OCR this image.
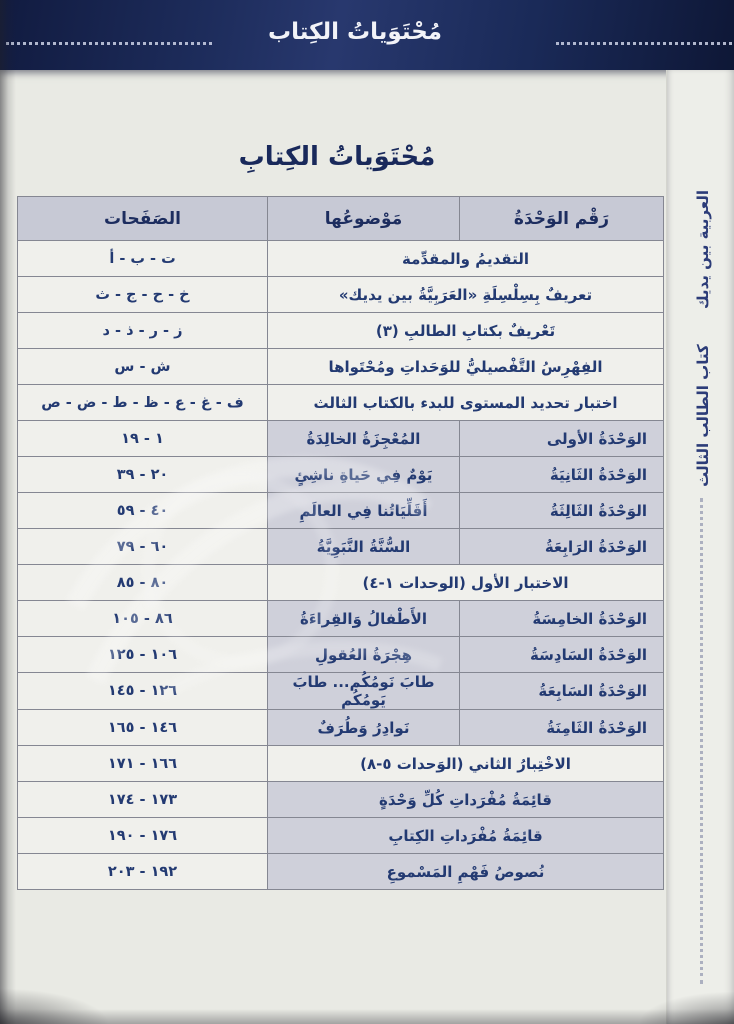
مُحْتَوَياتُ الكِتاب
مُحْتَوَياتُ الكِتابِ
العربية بين يديك كتاب الطالب الثالث
رَقْم الوَحْدَةُ	مَوْضوعُها	الصَفَحات
التقديمُ والمقدِّمة		أ - ب - ت
تعريفٌ بِسِلْسِلَةِ «العَرَبِيَّةُ بين يديك»		ث - ج - ح - خ
تَعْريفٌ بكتابِ الطالبِ (٣)		د - ذ - ر - ز
الفِهْرِسُ التَّفْصيليُّ للوَحَداتِ ومُحْتَواها		س - ش
اختبار تحديد المستوى للبدء بالكتاب الثالث		ص - ض - ط - ظ - ع - غ - ف
الوَحْدَةُ الأولى	المُعْجِزَةُ الخالِدَةُ	١ - ١٩
الوَحْدَةُ الثَانِيَةُ	يَوْمٌ فِي حَياةِ ناشِئٍ	٢٠ - ٣٩
الوَحْدَةُ الثَالِثَةُ	أَقَلِّيَاتُنا فِي العالَمِ	٤٠ - ٥٩
الوَحْدَةُ الرَابِعَةُ	السُّنَّةُ النَّبَوِيَّةُ	٦٠ - ٧٩
الاختبار الأول (الوحدات ١-٤)		٨٠ - ٨٥
الوَحْدَةُ الخامِسَةُ	الأَطْفالُ وَالقِراءَةُ	٨٦ - ١٠٥
الوَحْدَةُ السَادِسَةُ	هِجْرَةُ العُقولِ	١٠٦ - ١٢٥
الوَحْدَةُ السَابِعَةُ	طابَ نَومُكُم... طابَ يَومُكُم	١٢٦ - ١٤٥
الوَحْدَةُ الثَامِنَةُ	نَوادِرُ وَطُرَفٌ	١٤٦ - ١٦٥
الاخْتِبارُ الثاني (الوَحدات ٥-٨)		١٦٦ - ١٧١
قائِمَةُ مُفْرَداتِ كُلِّ وَحْدَةٍ		١٧٣ - ١٧٤
قائِمَةُ مُفْرَداتِ الكِتابِ		١٧٦ - ١٩٠
نُصوصُ فَهْمِ المَسْموعِ		١٩٢ - ٢٠٣
